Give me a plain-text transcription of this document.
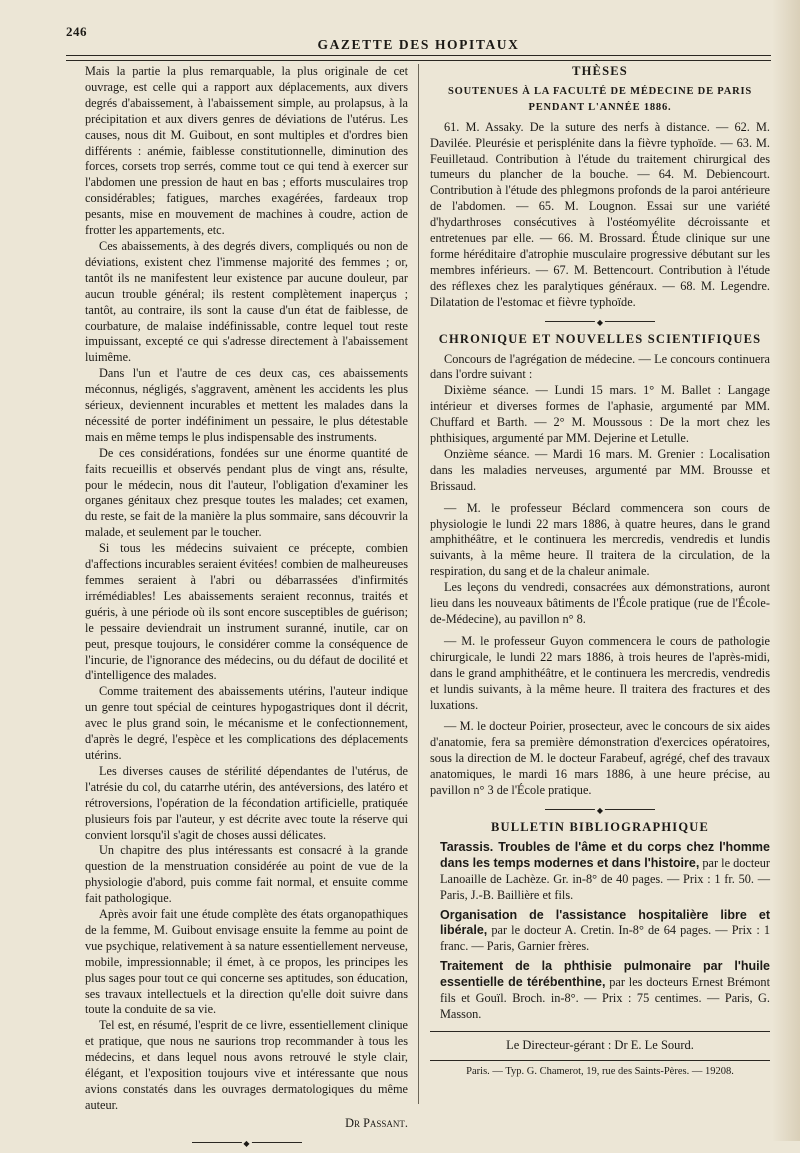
246
GAZETTE DES HOPITAUX

Mais la partie la plus remarquable, la plus originale de cet ouvrage, est celle qui a rapport aux déplacements, aux divers degrés d'abaissement, à l'abaissement simple, au prolapsus, à la précipitation et aux divers genres de déviations de l'utérus. Les causes, nous dit M. Guibout, en sont multiples et d'ordres bien différents : anémie, faiblesse constitutionnelle, diminution des forces, corsets trop serrés, comme tout ce qui tend à exercer sur l'abdomen une pression de haut en bas ; efforts musculaires trop considérables; fatigues, marches exagérées, fardeaux trop pesants, mise en mouvement de machines à coudre, action de frotter les appartements, etc.

Ces abaissements, à des degrés divers, compliqués ou non de déviations, existent chez l'immense majorité des femmes ; or, tantôt ils ne manifestent leur existence par aucune douleur, par aucun trouble général; ils restent complètement inaperçus ; tantôt, au contraire, ils sont la cause d'un état de faiblesse, de courbature, de malaise indéfinissable, contre lequel tout reste impuissant, excepté ce qui s'adresse directement à l'abaissement luimême.

Dans l'un et l'autre de ces deux cas, ces abaissements méconnus, négligés, s'aggravent, amènent les accidents les plus sérieux, deviennent incurables et mettent les malades dans la nécessité de porter indéfiniment un pessaire, le plus détestable mais en même temps le plus indispensable des instruments.

De ces considérations, fondées sur une énorme quantité de faits recueillis et observés pendant plus de vingt ans, résulte, pour le médecin, nous dit l'auteur, l'obligation d'examiner les organes génitaux chez presque toutes les malades; cet examen, du reste, se fait de la manière la plus sommaire, sans découvrir la malade, et seulement par le toucher.

Si tous les médecins suivaient ce précepte, combien d'affections incurables seraient évitées! combien de malheureuses femmes seraient à l'abri ou débarrassées d'infirmités irrémédiables! Les abaissements seraient reconnus, traités et guéris, à une période où ils sont encore susceptibles de guérison; le pessaire deviendrait un instrument suranné, inutile, car on peut, presque toujours, le considérer comme la conséquence de l'incurie, de l'ignorance des médecins, ou du défaut de docilité et d'intelligence des malades.

Comme traitement des abaissements utérins, l'auteur indique un genre tout spécial de ceintures hypogastriques dont il décrit, avec le plus grand soin, le mécanisme et le confectionnement, d'après le degré, l'espèce et les complications des déplacements utérins.

Les diverses causes de stérilité dépendantes de l'utérus, de l'atrésie du col, du catarrhe utérin, des antéversions, des latéro et rétroversions, l'opération de la fécondation artificielle, pratiquée plusieurs fois par l'auteur, y est décrite avec toute la réserve qui convient lorsqu'il s'agit de choses aussi délicates.

Un chapitre des plus intéressants est consacré à la grande question de la menstruation considérée au point de vue de la physiologie d'abord, puis comme fait normal, et ensuite comme fait pathologique.

Après avoir fait une étude complète des états organopathiques de la femme, M. Guibout envisage ensuite la femme au point de vue psychique, relativement à sa nature essentiellement nerveuse, mobile, impressionnable; il émet, à ce propos, les principes les plus sages pour tout ce qui concerne ses aptitudes, son éducation, ses travaux intellectuels et la direction qu'elle doit suivre dans toute la conduite de sa vie.

Tel est, en résumé, l'esprit de ce livre, essentiellement clinique et pratique, que nous ne saurions trop recommander à tous les médecins, et dans lequel nous avons retrouvé le style clair, élégant, et l'exposition toujours vive et intéressante que nous avions constatés dans les ouvrages dermatologiques du même auteur.

Dr Passant.
◆
THÈSES
SOUTENUES À LA FACULTÉ DE MÉDECINE DE PARIS
PENDANT L'ANNÉE 1886.

61. M. Assaky. De la suture des nerfs à distance. — 62. M. Davilée. Pleurésie et perisplénite dans la fièvre typhoïde. — 63. M. Feuilletaud. Contribution à l'étude du traitement chirurgical des tumeurs du plancher de la bouche. — 64. M. Debiencourt. Contribution à l'étude des phlegmons profonds de la paroi antérieure de l'abdomen. — 65. M. Lougnon. Essai sur une variété d'hydarthroses consécutives à l'ostéomyélite décroissante et entretenues par elle. — 66. M. Brossard. Étude clinique sur une forme héréditaire d'atrophie musculaire progressive débutant sur les membres inférieurs. — 67. M. Bettencourt. Contribution à l'étude des réflexes chez les paralytiques généraux. — 68. M. Legendre. Dilatation de l'estomac et fièvre typhoïde.

◆
CHRONIQUE ET NOUVELLES SCIENTIFIQUES

Concours de l'agrégation de médecine. — Le concours continuera dans l'ordre suivant :

Dixième séance. — Lundi 15 mars. 1° M. Ballet : Langage intérieur et diverses formes de l'aphasie, argumenté par MM. Chuffard et Barth. — 2° M. Moussous : De la mort chez les phthisiques, argumenté par MM. Dejerine et Letulle.

Onzième séance. — Mardi 16 mars. M. Grenier : Localisation dans les maladies nerveuses, argumenté par MM. Brousse et Brissaud.

— M. le professeur Béclard commencera son cours de physiologie le lundi 22 mars 1886, à quatre heures, dans le grand amphithéâtre, et le continuera les mercredis, vendredis et lundis suivants, à la même heure. Il traitera de la circulation, de la respiration, du sang et de la chaleur animale.

Les leçons du vendredi, consacrées aux démonstrations, auront lieu dans les nouveaux bâtiments de l'École pratique (rue de l'École-de-Médecine), au pavillon n° 8.

— M. le professeur Guyon commencera le cours de pathologie chirurgicale, le lundi 22 mars 1886, à trois heures de l'après-midi, dans le grand amphithéâtre, et le continuera les mercredis, vendredis et lundis suivants, à la même heure. Il traitera des fractures et des luxations.

— M. le docteur Poirier, prosecteur, avec le concours de six aides d'anatomie, fera sa première démonstration d'exercices opératoires, sous la direction de M. le docteur Farabeuf, agrégé, chef des travaux anatomiques, le mardi 16 mars 1886, à une heure précise, au pavillon n° 3 de l'École pratique.

◆
BULLETIN BIBLIOGRAPHIQUE

Tarassis. Troubles de l'âme et du corps chez l'homme dans les temps modernes et dans l'histoire, par le docteur Lanoaille de Lachèze. Gr. in-8° de 40 pages. — Prix : 1 fr. 50. — Paris, J.-B. Baillière et fils.

Organisation de l'assistance hospitalière libre et libérale, par le docteur A. Cretin. In-8° de 64 pages. — Prix : 1 franc. — Paris, Garnier frères.

Traitement de la phthisie pulmonaire par l'huile essentielle de térébenthine, par les docteurs Ernest Brémont fils et Gouïl. Broch. in-8°. — Prix : 75 centimes. — Paris, G. Masson.

Le Directeur-gérant : Dr E. Le Sourd.
Paris. — Typ. G. Chamerot, 19, rue des Saints-Pères. — 19208.
